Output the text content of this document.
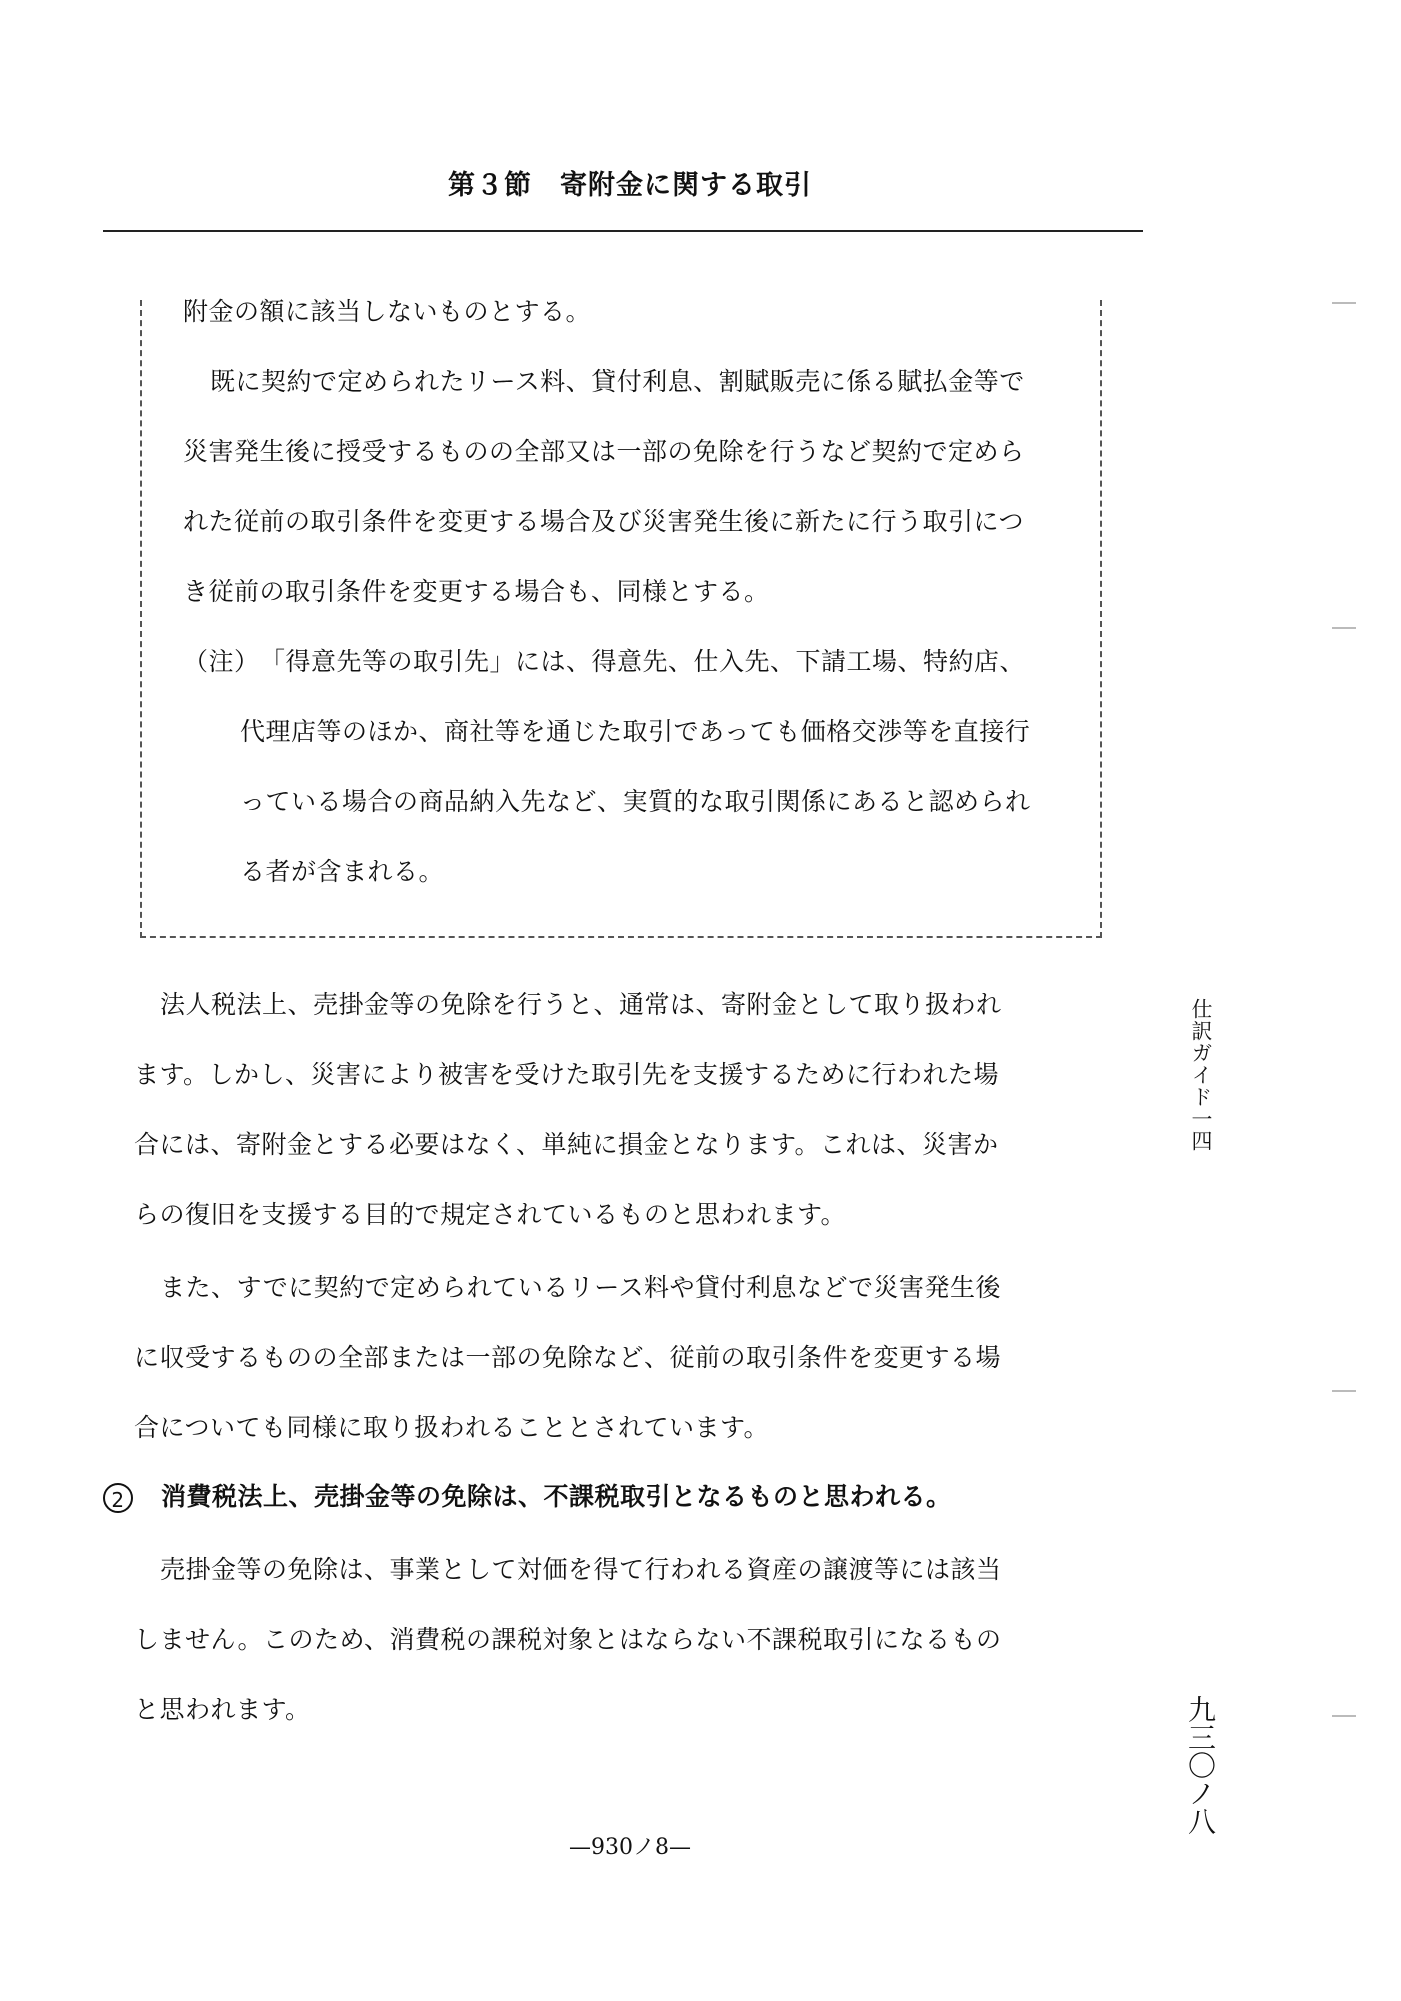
第３節　寄附金に関する取引
附金の額に該当しないものとする。
既に契約で定められたリース料、貸付利息、割賦販売に係る賦払金等で
災害発生後に授受するものの全部又は一部の免除を行うなど契約で定めら
れた従前の取引条件を変更する場合及び災害発生後に新たに行う取引につ
き従前の取引条件を変更する場合も、同様とする。
（注）　「得意先等の取引先」には、得意先、仕入先、下請工場、特約店、
代理店等のほか、商社等を通じた取引であっても価格交渉等を直接行
っている場合の商品納入先など、実質的な取引関係にあると認められ
る者が含まれる。
法人税法上、売掛金等の免除を行うと、通常は、寄附金として取り扱われ
ます。しかし、災害により被害を受けた取引先を支援するために行われた場
合には、寄附金とする必要はなく、単純に損金となります。これは、災害か
らの復旧を支援する目的で規定されているものと思われます。
また、すでに契約で定められているリース料や貸付利息などで災害発生後
に収受するものの全部または一部の免除など、従前の取引条件を変更する場
合についても同様に取り扱われることとされています。
2 消費税法上、売掛金等の免除は、不課税取引となるものと思われる。
売掛金等の免除は、事業として対価を得て行われる資産の譲渡等には該当
しません。このため、消費税の課税対象とはならない不課税取引になるもの
と思われます。
仕訳ガイド一四
九三〇ノ八
—930ノ8—
